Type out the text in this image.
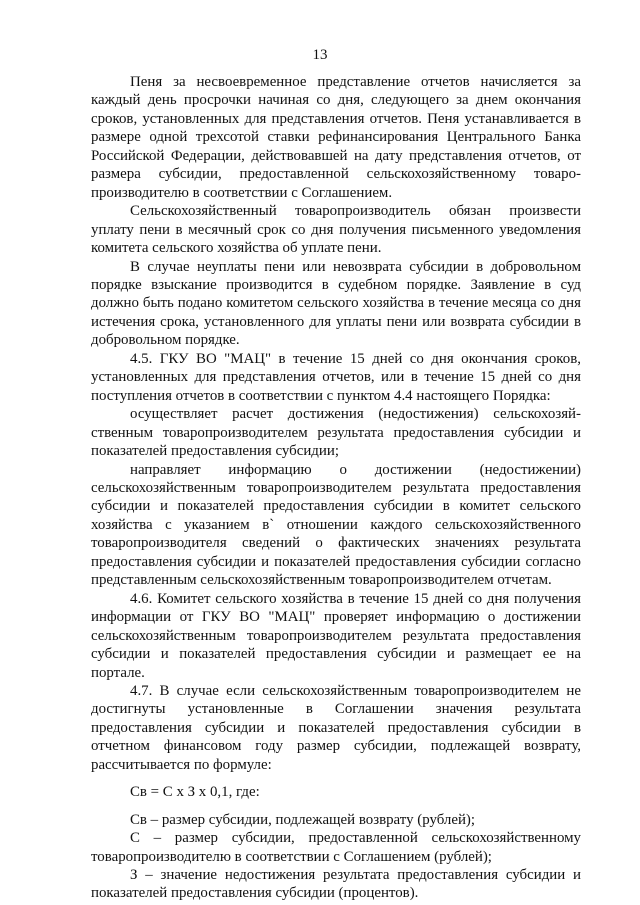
13

Пеня за несвоевременное представление отчетов начисляется за каждый день просрочки начиная со дня, следующего за днем окончания сроков, установленных для представления отчетов. Пеня устанавливается в размере одной трехсотой ставки рефинансирования Центрального Банка Российской Федерации, действовавшей на дату представления отчетов, от размера субсидии, предоставленной сельскохозяйственному товаропроизводителю в соответствии с Соглашением.

Сельскохозяйственный товаропроизводитель обязан произвести уплату пени в месячный срок со дня получения письменного уведомления комитета сельского хозяйства об уплате пени.

В случае неуплаты пени или невозврата субсидии в добровольном порядке взыскание производится в судебном порядке. Заявление в суд должно быть подано комитетом сельского хозяйства в течение месяца со дня истечения срока, установленного для уплаты пени или возврата субсидии в добровольном порядке.

4.5. ГКУ ВО "МАЦ" в течение 15 дней со дня окончания сроков, установленных для представления отчетов, или в течение 15 дней со дня поступления отчетов в соответствии с пунктом 4.4 настоящего Порядка:

осуществляет расчет достижения (недостижения) сельскохозяйственным товаропроизводителем результата предоставления субсидии и показателей предоставления субсидии;

направляет информацию о достижении (недостижении) сельскохозяйственным товаропроизводителем результата предоставления субсидии и показателей предоставления субсидии в комитет сельского хозяйства с указанием в` отношении каждого сельскохозяйственного товаропроизводителя сведений о фактических значениях результата предоставления субсидии и показателей предоставления субсидии согласно представленным сельскохозяйственным товаропроизводителем отчетам.

4.6. Комитет сельского хозяйства в течение 15 дней со дня получения информации от ГКУ ВО "МАЦ" проверяет информацию о достижении сельскохозяйственным товаропроизводителем результата предоставления субсидии и показателей предоставления субсидии и размещает ее на портале.

4.7. В случае если сельскохозяйственным товаропроизводителем не достигнуты установленные в Соглашении значения результата предоставления субсидии и показателей предоставления субсидии в отчетном финансовом году размер субсидии, подлежащей возврату, рассчитывается по формуле:

Св = С х З х 0,1, где:

Св – размер субсидии, подлежащей возврату (рублей);

С – размер субсидии, предоставленной сельскохозяйственному товаропроизводителю в соответствии с Соглашением (рублей);

З – значение недостижения результата предоставления субсидии и показателей предоставления субсидии (процентов).
